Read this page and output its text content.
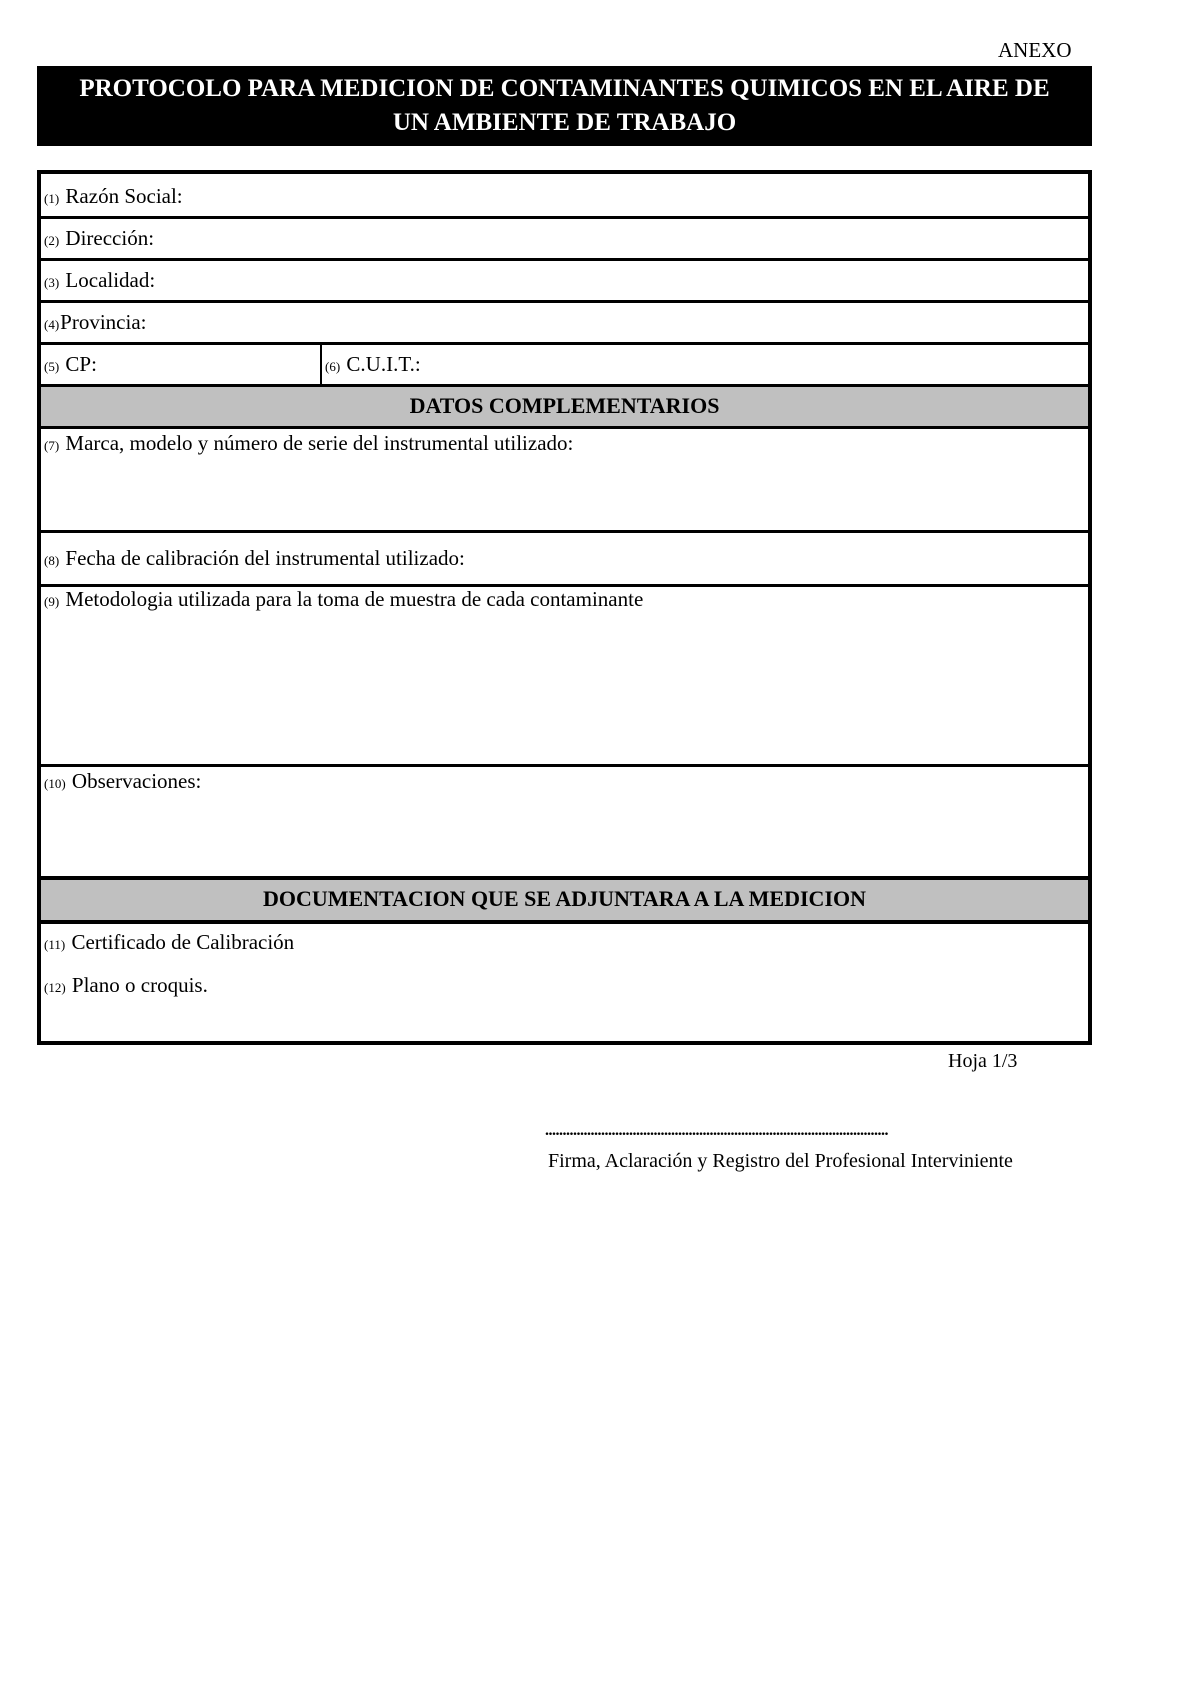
ANEXO
PROTOCOLO PARA MEDICION DE CONTAMINANTES QUIMICOS EN EL AIRE DE
UN AMBIENTE DE TRABAJO
(1) Razón Social:
(2) Dirección:
(3) Localidad:
(4)Provincia:
(5) CP:	(6) C.U.I.T.:
DATOS COMPLEMENTARIOS
(7) Marca, modelo y número de serie del instrumental utilizado:
(8) Fecha de calibración del instrumental utilizado:
(9) Metodologia utilizada para la toma de muestra de cada contaminante
(10) Observaciones:
DOCUMENTACION QUE SE ADJUNTARA A LA MEDICION
(11) Certificado de Calibración
(12) Plano o croquis.
Hoja 1/3
..................................................................................................
Firma, Aclaración y Registro del Profesional Interviniente
